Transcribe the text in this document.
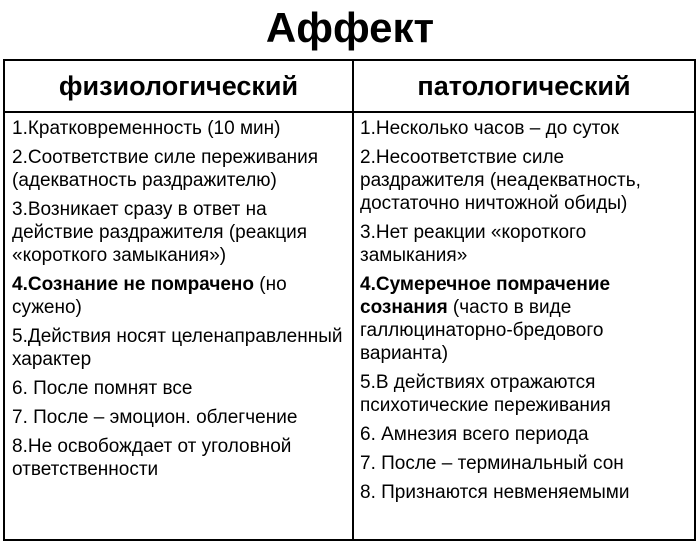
Аффект
физиологический	патологический
1.Кратковременность (10 мин)
2.Соответствие силе переживания (адекватность раздражителю)
3.Возникает сразу в ответ на действие раздражителя (реакция «короткого замыкания»)
4.Сознание не помрачено (но сужено)
5.Действия носят целенаправленный характер
6. После помнят все
7. После – эмоцион. облегчение
8.Не освобождает от уголовной ответственности
1.Несколько часов – до суток
2.Несоответствие силе раздражителя (неадекватность, достаточно ничтожной обиды)
3.Нет реакции «короткого замыкания»
4.Сумеречное помрачение сознания (часто в виде галлюцинаторно-бредового варианта)
5.В действиях отражаются психотические переживания
6. Амнезия всего периода
7. После – терминальный сон
8. Признаются невменяемыми
